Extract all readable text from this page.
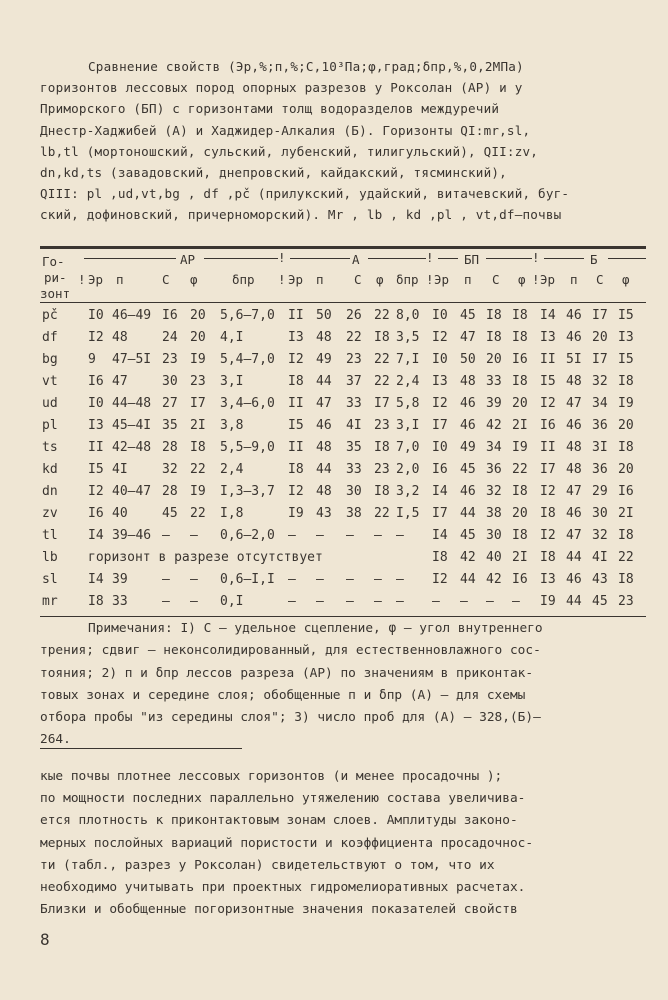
Сравнение свойств (Эр,%;п,%;С,10³Па;φ,град;δпр,%,0,2МПа)

горизонтов лессовых пород опорных разрезов у Роксолан (АР) и у

Приморского (БП) с горизонтами толщ водоразделов междуречий

Днестр-Хаджибей (А) и Хаджидер-Алкалия (Б). Горизонты QI:mr,sl,

lb,tl (мортоношский, сульский, лубенский, тилигульский), QII:zv,

dn,kd,ts (завадовский, днепровский, кайдакский, тясминский),

QIII: pl ,ud,vt,bg , df ,pč (прилукский, удайский, витачевский, буг-

ский, дофиновский, причерноморский). Mr , lb , kd ,pl , vt,df–почвы

Го-
ри-
зонт
АР	!	А	! БП	!	Б
! Эр п	С φ	δпр ! Эр п С φ δпр ! Эр п С φ ! Эр п С φ
pč I0 46–49 I6 20 5,6–7,0 II 50 26 22 8,0 I0 45 I8 I8 I4 46 I7 I5
df I2 48	24 20 4,I	I3 48 22 I8 3,5 I2 47 I8 I8 I3 46 20 I3
bg 9 47–5I 23 I9 5,4–7,0 I2 49 23 22 7,I I0 50 20 I6 II 5I I7 I5
vt I6 47	30 23 3,I	I8 44 37 22 2,4 I3 48 33 I8 I5 48 32 I8
ud I0 44–48 27 I7 3,4–6,0 II 47 33 I7 5,8 I2 46 39 20 I2 47 34 I9
pl I3 45–4I 35 2I 3,8	I5 46 4I 23 3,I I7 46 42 2I I6 46 36 20
ts II 42–48 28 I8 5,5–9,0 II 48 35 I8 7,0 I0 49 34 I9 II 48 3I I8
kd I5 4I	32 22 2,4	I8 44 33 23 2,0 I6 45 36 22 I7 48 36 20
dn I2 40–47 28 I9 I,3–3,7 I2 48 30 I8 3,2 I4 46 32 I8 I2 47 29 I6
zv I6 40	45 22 I,8	I9 43 38 22 I,5 I7 44 38 20 I8 46 30 2I
tl I4 39–46 – – 0,6–2,0 – – – – – I4 45 30 I8 I2 47 32 I8
sl I4 39	– – 0,6–I,I – – – – – I2 44 42 I6 I3 46 43 I8
mr I8 33	– – 0,I	– – – – – – – – – I9 44 45 23
lb горизонт в разрезе отсутствует	I8 42 40 2I I8 44 4I 22

Примечания: I) С – удельное сцепление, φ – угол внутреннего

трения; сдвиг – неконсолидированный, для естественновлажного сос-

тояния; 2) п и δпр лессов разреза (АР) по значениям в приконтак-

товых зонах и середине слоя; обобщенные п и δпр (А) – для схемы

отбора пробы "из середины слоя"; 3) число проб для (А) – 328,(Б)–

264.

кые почвы плотнее лессовых горизонтов (и менее просадочны );

по мощности последних параллельно утяжелению состава увеличива-

ется плотность к приконтактовым зонам слоев. Амплитуды законо-

мерных послойных вариаций пористости и коэффициента просадочнос-

ти (табл., разрез у Роксолан) свидетельствуют о том, что их

необходимо учитывать при проектных гидромелиоративных расчетах.

Близки и обобщенные погоризонтные значения показателей свойств

8
